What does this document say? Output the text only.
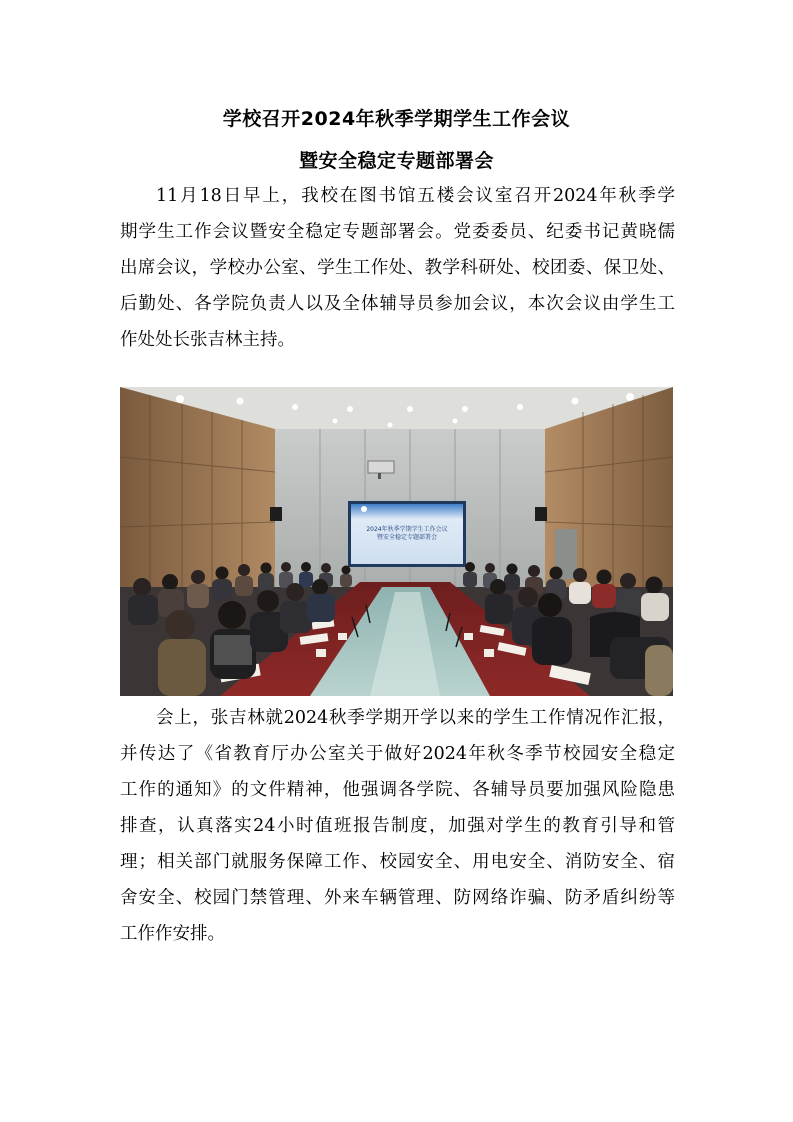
学校召开2024年秋季学期学生工作会议
暨安全稳定专题部署会
11月18日早上，我校在图书馆五楼会议室召开2024年秋季学
期学生工作会议暨安全稳定专题部署会。党委委员、纪委书记黄晓儒
出席会议，学校办公室、学生工作处、教学科研处、校团委、保卫处、
后勤处、各学院负责人以及全体辅导员参加会议，本次会议由学生工
作处处长张吉林主持。
2024年秋季学期学生工作会议
暨安全稳定专题部署会
会上，张吉林就2024秋季学期开学以来的学生工作情况作汇报，
并传达了《省教育厅办公室关于做好2024年秋冬季节校园安全稳定
工作的通知》的文件精神，他强调各学院、各辅导员要加强风险隐患
排查，认真落实24小时值班报告制度，加强对学生的教育引导和管
理；相关部门就服务保障工作、校园安全、用电安全、消防安全、宿
舍安全、校园门禁管理、外来车辆管理、防网络诈骗、防矛盾纠纷等
工作作安排。
